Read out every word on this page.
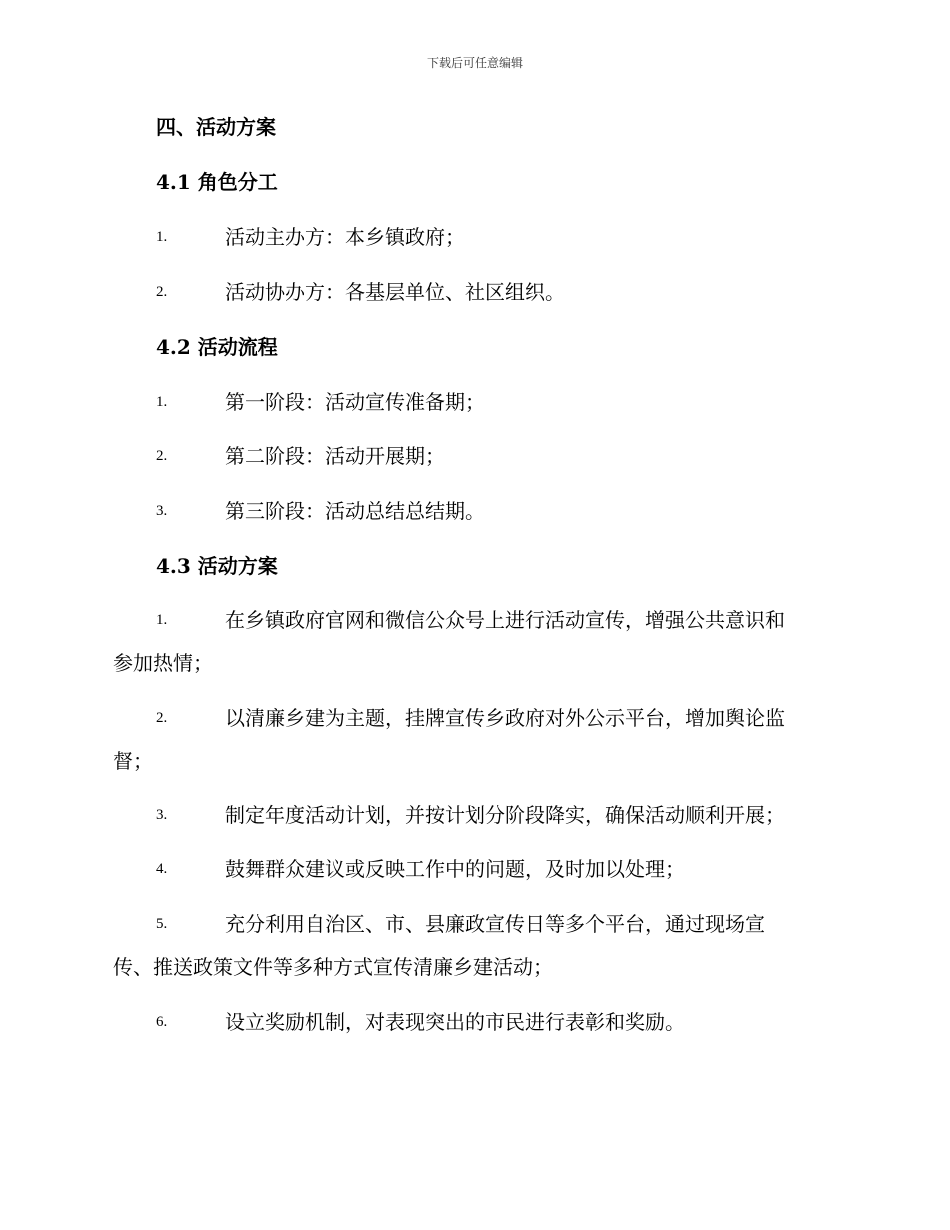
下载后可任意编辑
四、活动方案
4.1 角色分工
1.	活动主办方：本乡镇政府；
2.	活动协办方：各基层单位、社区组织。
4.2 活动流程
1.	第一阶段：活动宣传准备期；
2.	第二阶段：活动开展期；
3.	第三阶段：活动总结总结期。
4.3 活动方案
1.	在乡镇政府官网和微信公众号上进行活动宣传，增强公共意识和
参加热情；
2.	以清廉乡建为主题，挂牌宣传乡政府对外公示平台，增加舆论监
督；
3.	制定年度活动计划，并按计划分阶段降实，确保活动顺利开展；
4.	鼓舞群众建议或反映工作中的问题，及时加以处理；
5.	充分利用自治区、市、县廉政宣传日等多个平台，通过现场宣
传、推送政策文件等多种方式宣传清廉乡建活动；
6.	设立奖励机制，对表现突出的市民进行表彰和奖励。
